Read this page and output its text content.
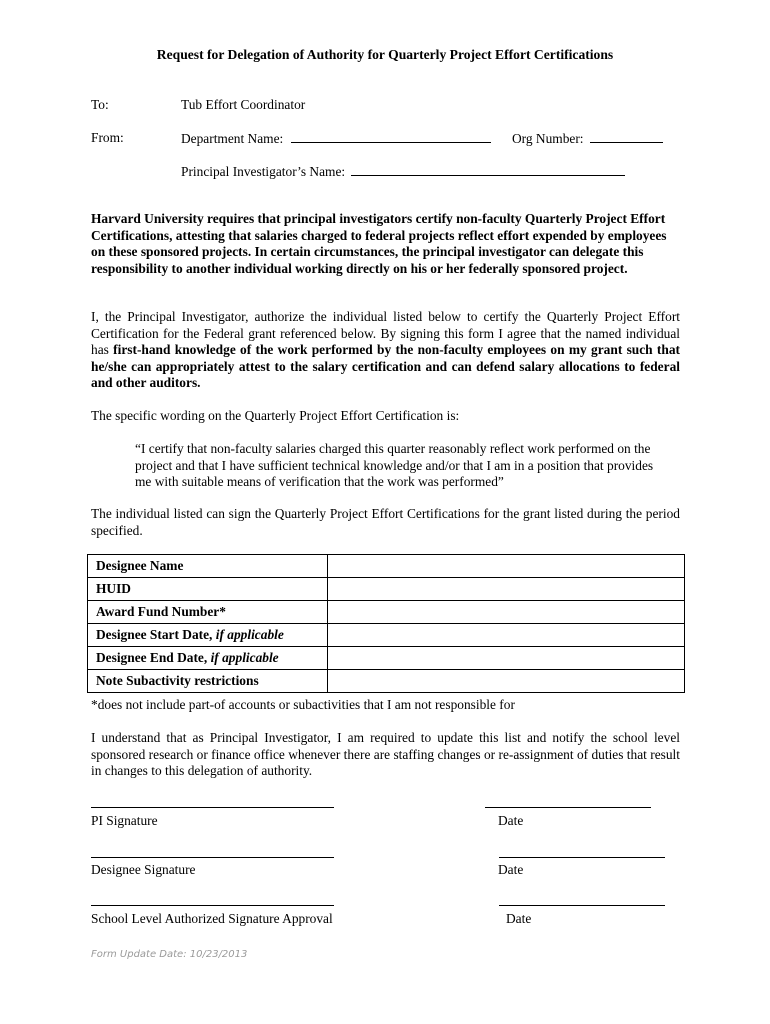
Request for Delegation of Authority for Quarterly Project Effort Certifications
To:	Tub Effort Coordinator
From:	Department Name:	Org Number:
Principal Investigator’s Name:
Harvard University requires that principal investigators certify non-faculty Quarterly Project Effort Certifications, attesting that salaries charged to federal projects reflect effort expended by employees on these sponsored projects. In certain circumstances, the principal investigator can delegate this responsibility to another individual working directly on his or her federally sponsored project.
I, the Principal Investigator, authorize the individual listed below to certify the Quarterly Project Effort Certification for the Federal grant referenced below. By signing this form I agree that the named individual has first-hand knowledge of the work performed by the non-faculty employees on my grant such that he/she can appropriately attest to the salary certification and can defend salary allocations to federal and other auditors.
The specific wording on the Quarterly Project Effort Certification is:
“I certify that non-faculty salaries charged this quarter reasonably reflect work performed on the project and that I have sufficient technical knowledge and/or that I am in a position that provides me with suitable means of verification that the work was performed”
The individual listed can sign the Quarterly Project Effort Certifications for the grant listed during the period specified.
Designee Name	
HUID	
Award Fund Number*	
Designee Start Date, if applicable	
Designee End Date, if applicable	
Note Subactivity restrictions	
*does not include part-of accounts or subactivities that I am not responsible for
I understand that as Principal Investigator, I am required to update this list and notify the school level sponsored research or finance office whenever there are staffing changes or re-assignment of duties that result in changes to this delegation of authority.
PI Signature	Date
Designee Signature	Date
School Level Authorized Signature Approval	Date
Form Update Date: 10/23/2013
